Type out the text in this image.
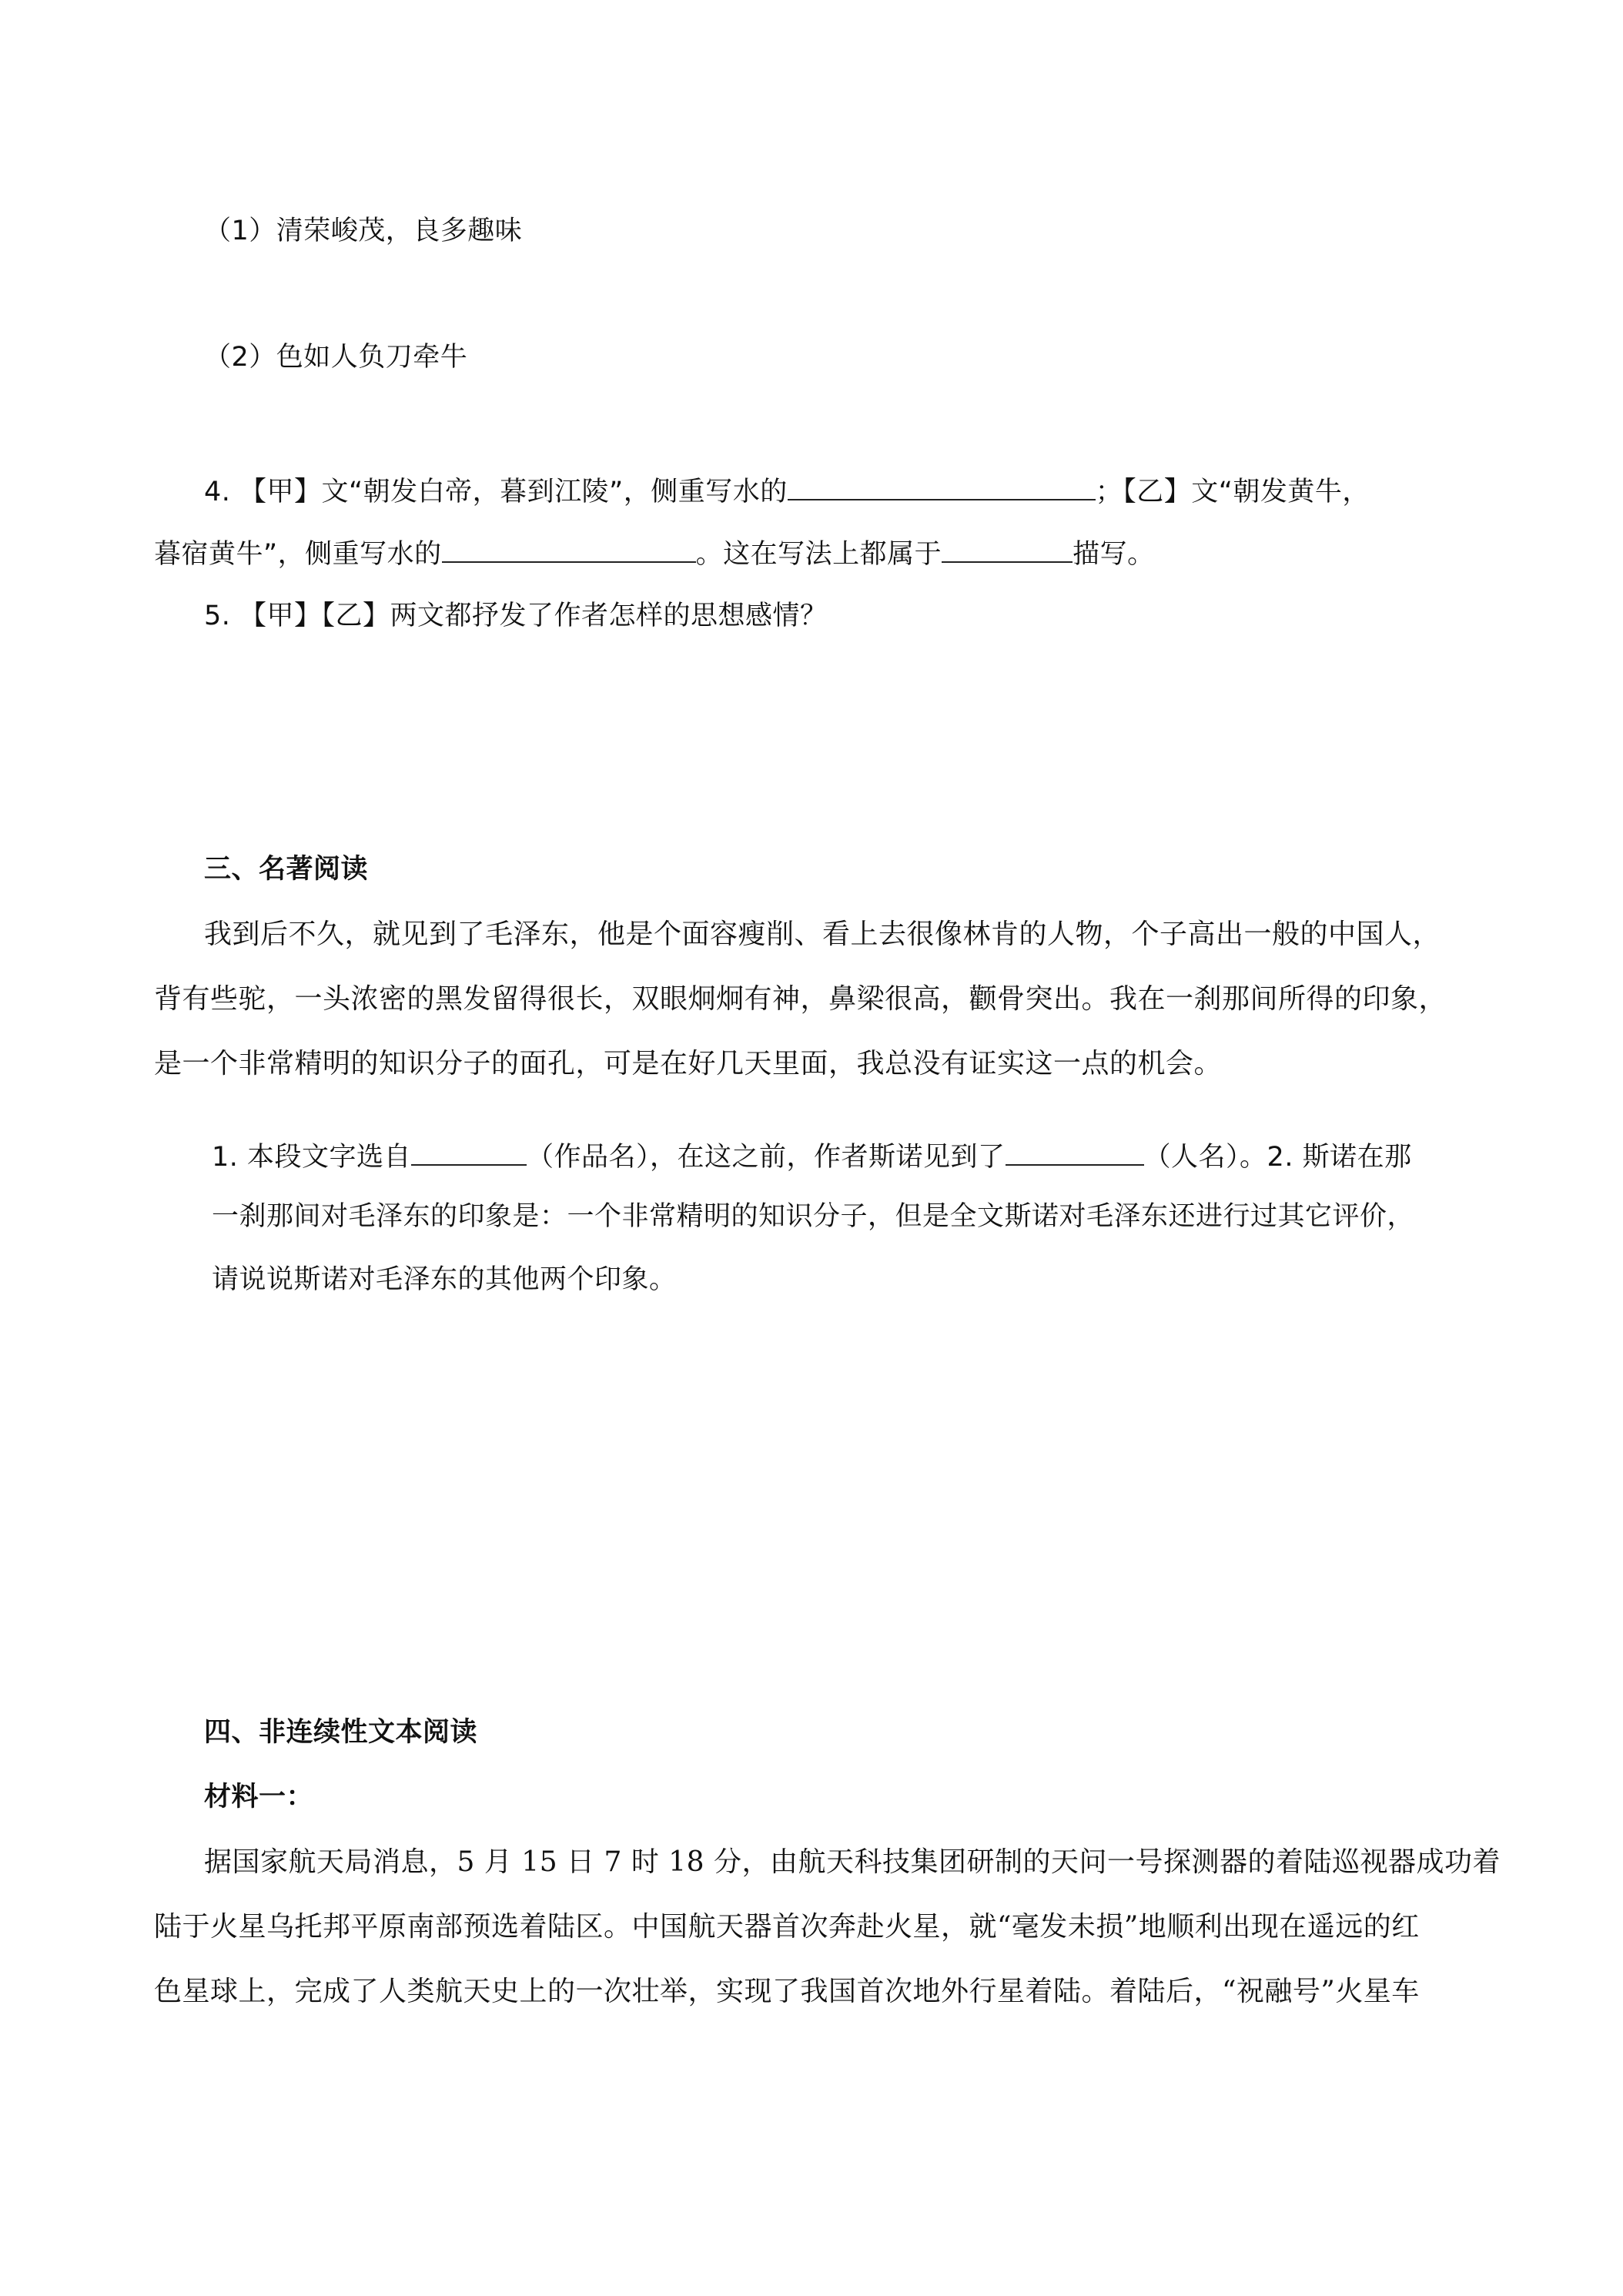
（1）清荣峻茂，良多趣味
（2）色如人负刀牵牛
4. 【甲】文“朝发白帝，暮到江陵”，侧重写水的	；【乙】文“朝发黄牛，
暮宿黄牛”，侧重写水的	。这在写法上都属于	描写。
5. 【甲】【乙】两文都抒发了作者怎样的思想感情？
三、名著阅读
我到后不久，就见到了毛泽东，他是个面容瘦削、看上去很像林肯的人物，个子高出一般的中国人，
背有些驼，一头浓密的黑发留得很长，双眼炯炯有神，鼻梁很高，颧骨突出。我在一刹那间所得的印象，
是一个非常精明的知识分子的面孔，可是在好几天里面，我总没有证实这一点的机会。
1. 本段文字选自	（作品名），在这之前，作者斯诺见到了	（人名）。2. 斯诺在那
一刹那间对毛泽东的印象是：一个非常精明的知识分子，但是全文斯诺对毛泽东还进行过其它评价，
请说说斯诺对毛泽东的其他两个印象。
四、非连续性文本阅读
材料一：
据国家航天局消息，5 月 15 日 7 时 18 分，由航天科技集团研制的天问一号探测器的着陆巡视器成功着
陆于火星乌托邦平原南部预选着陆区。中国航天器首次奔赴火星，就“毫发未损”地顺利出现在遥远的红
色星球上，完成了人类航天史上的一次壮举，实现了我国首次地外行星着陆。着陆后，“祝融号”火星车
